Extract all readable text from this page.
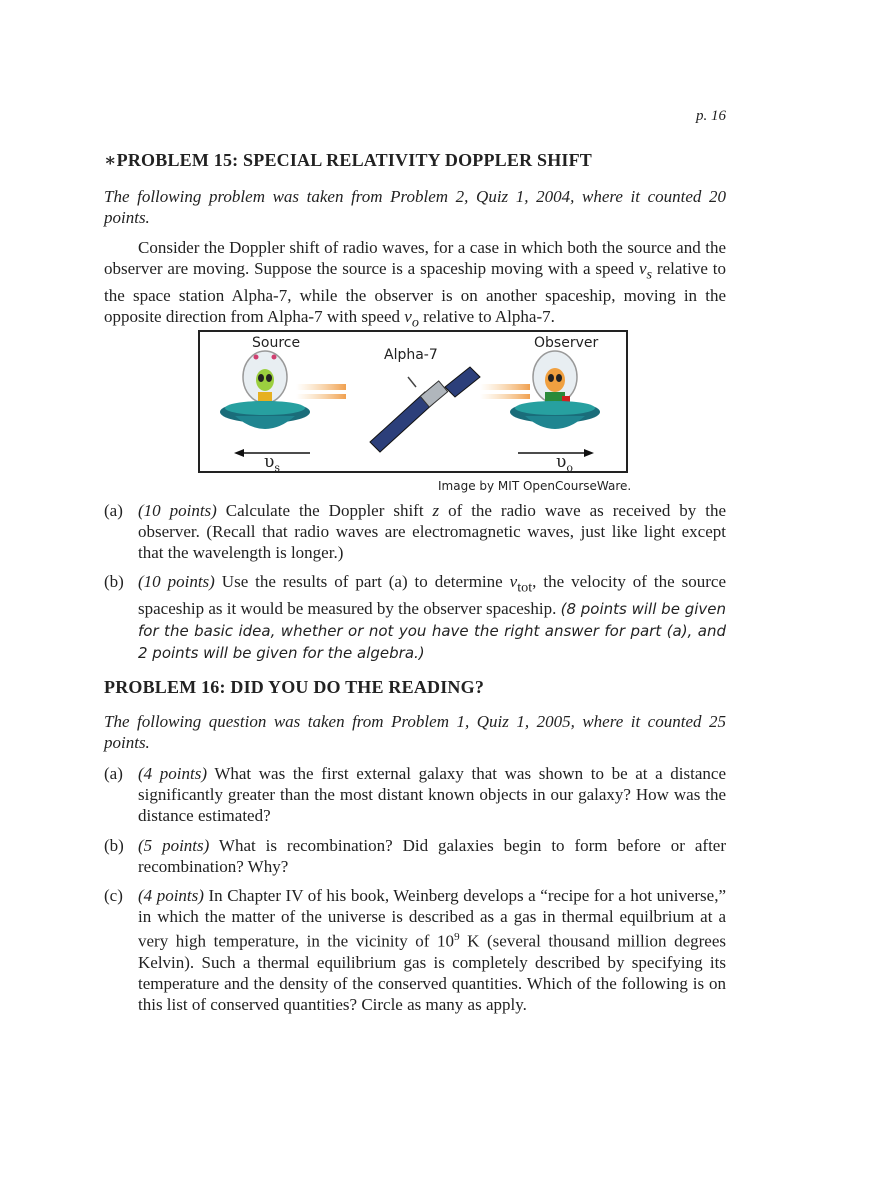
p. 16
∗PROBLEM 15: SPECIAL RELATIVITY DOPPLER SHIFT

The following problem was taken from Problem 2, Quiz 1, 2004, where it counted 20 points.

Consider the Doppler shift of radio waves, for a case in which both the source and the observer are moving. Suppose the source is a spaceship moving with a speed $v_s$ relative to the space station Alpha-7, while the observer is on another spaceship, moving in the opposite direction from Alpha-7 with speed $v_o$ relative to Alpha-7.

Source
Alpha-7
Observer
$\upsilon_s$	$\upsilon_o$
Image by MIT OpenCourseWare.
(a) (10 points) Calculate the Doppler shift z of the radio wave as received by the observer. (Recall that radio waves are electromagnetic waves, just like light except that the wavelength is longer.)
(b) (10 points) Use the results of part (a) to determine $v_{tot}$, the velocity of the source spaceship as it would be measured by the observer spaceship. (8 points will be given for the basic idea, whether or not you have the right answer for part (a), and 2 points will be given for the algebra.)
PROBLEM 16: DID YOU DO THE READING?

The following question was taken from Problem 1, Quiz 1, 2005, where it counted 25 points.

(a) (4 points) What was the first external galaxy that was shown to be at a distance significantly greater than the most distant known objects in our galaxy? How was the distance estimated?
(b) (5 points) What is recombination? Did galaxies begin to form before or after recombination? Why?
(c) (4 points) In Chapter IV of his book, Weinberg develops a “recipe for a hot universe,” in which the matter of the universe is described as a gas in thermal equilbrium at a very high temperature, in the vicinity of $10^9$ K (several thousand million degrees Kelvin). Such a thermal equilibrium gas is completely described by specifying its temperature and the density of the conserved quantities. Which of the following is on this list of conserved quantities? Circle as many as apply.
